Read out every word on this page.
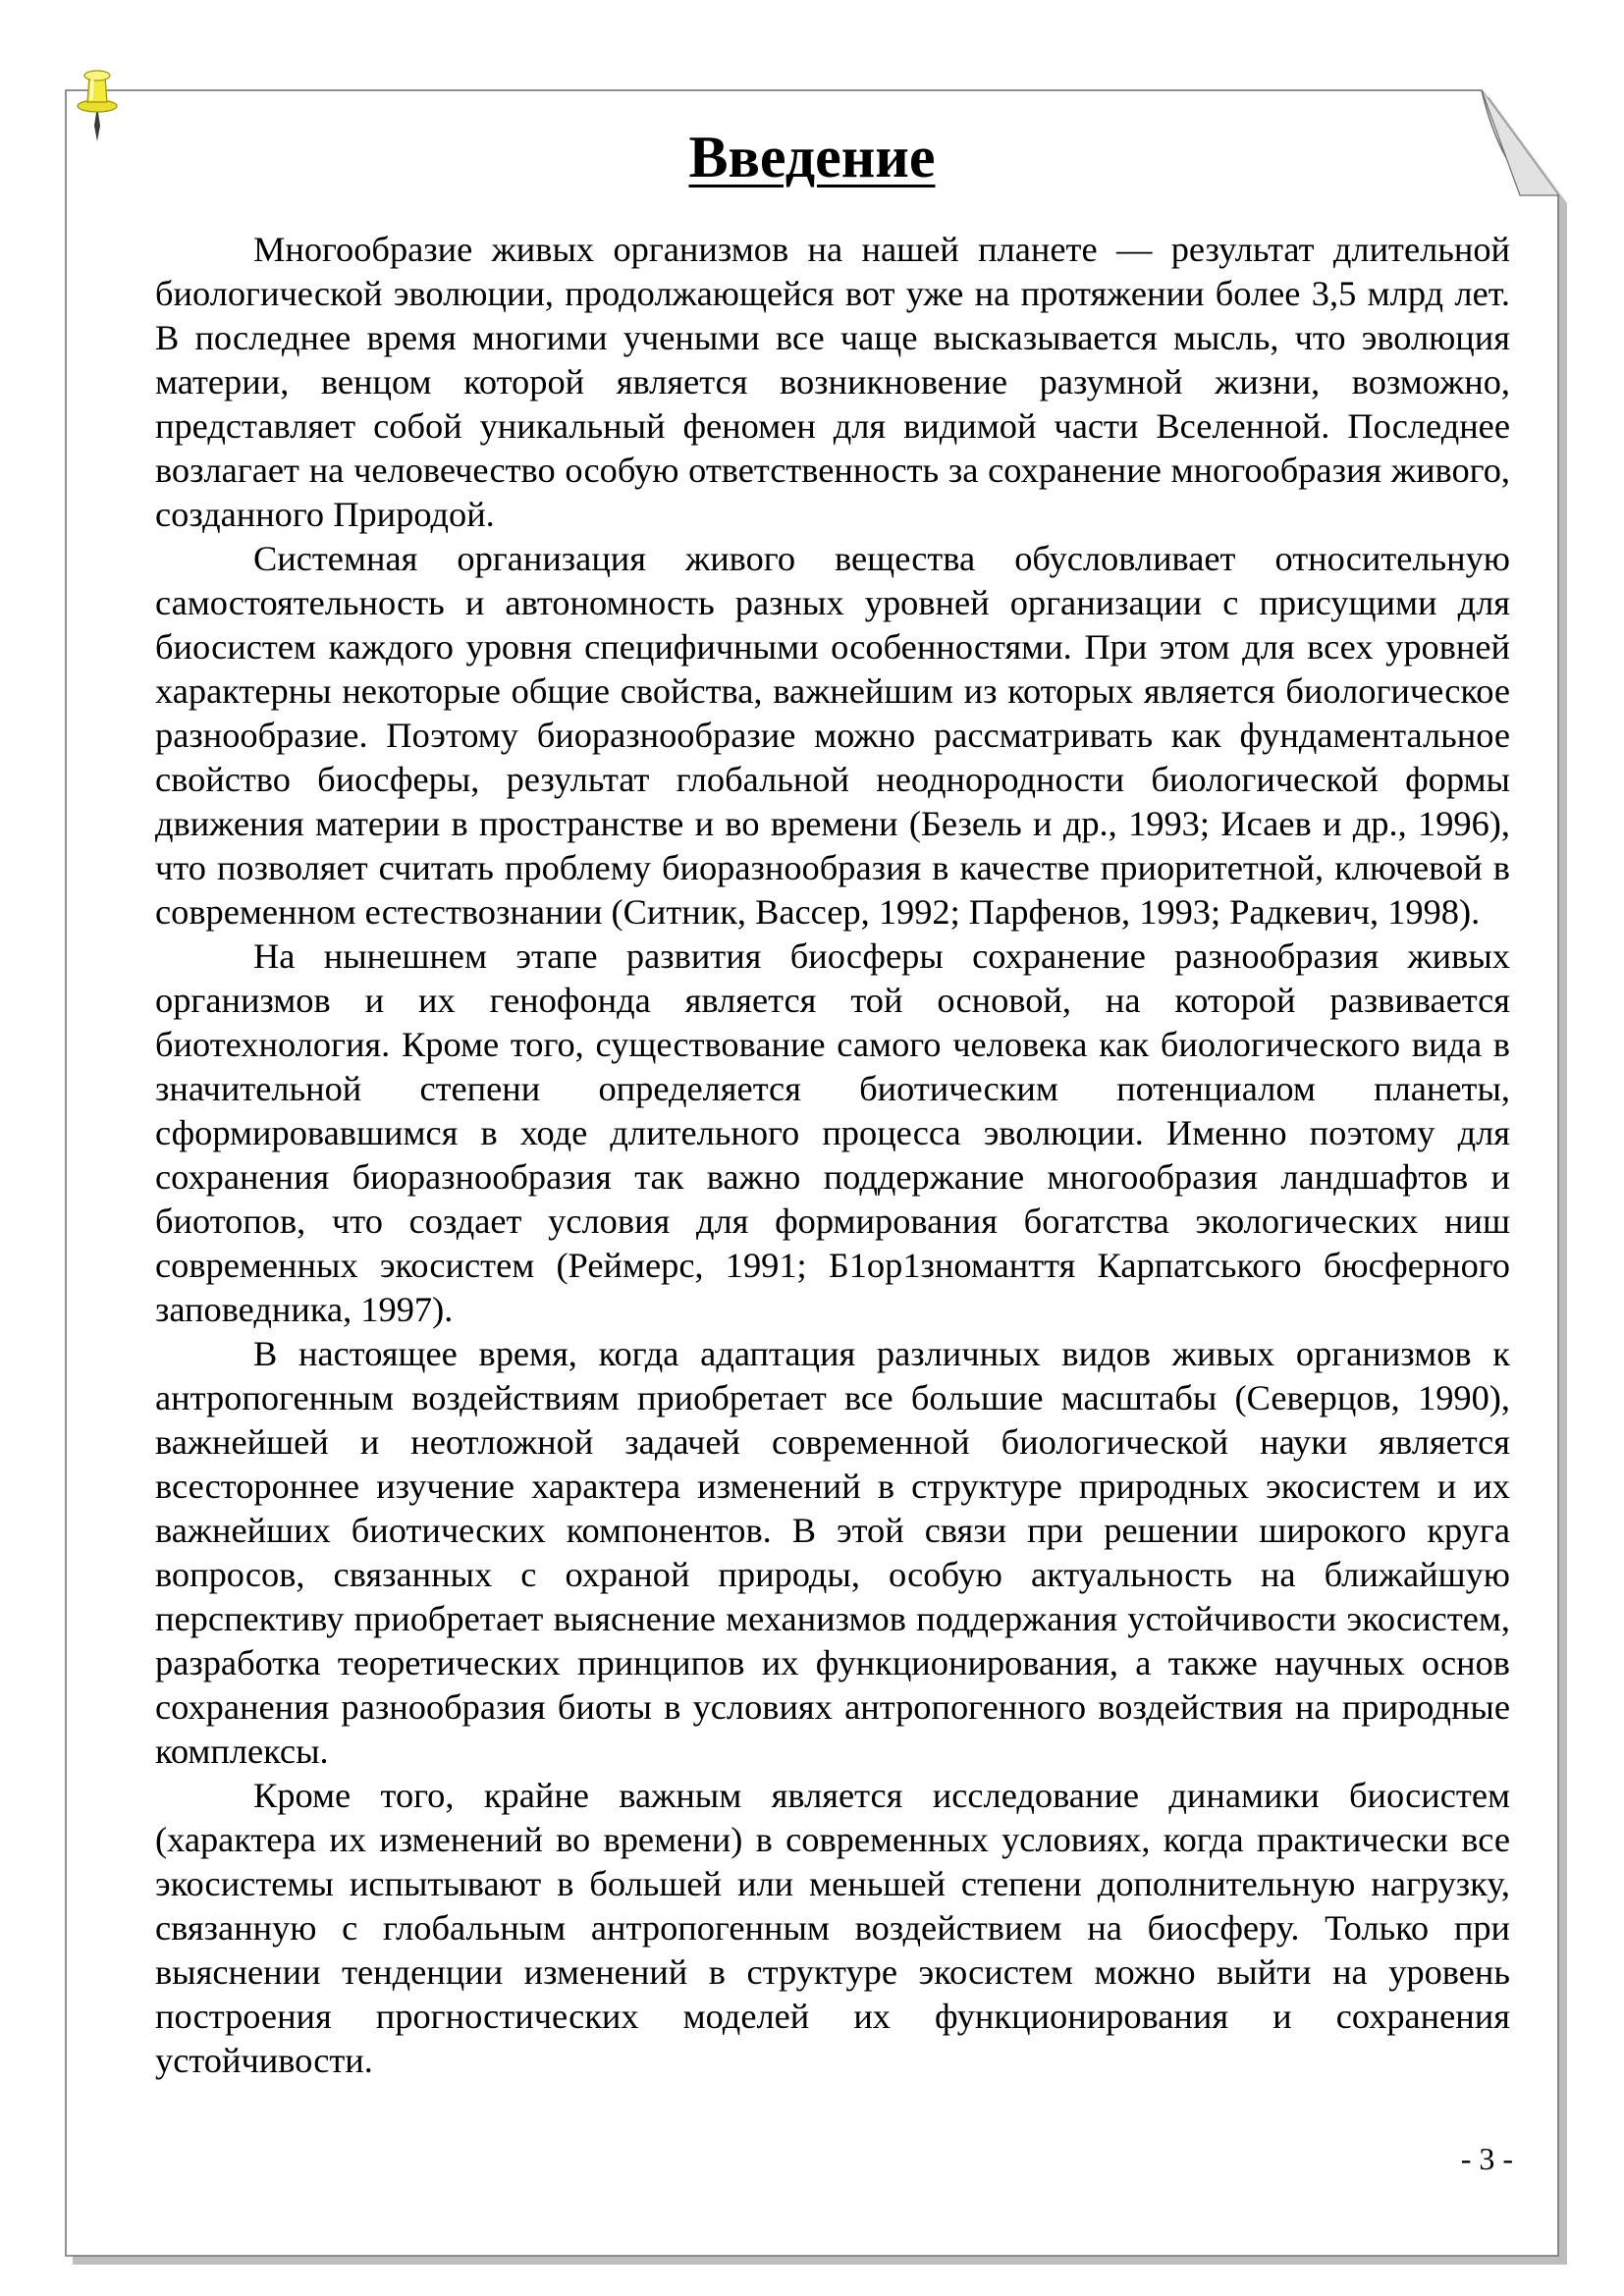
Введение

Многообразие живых организмов на нашей планете — результат длительной биологической эволюции, продолжающейся вот уже на протяжении более 3,5 млрд лет. В последнее время многими учеными все чаще высказывается мысль, что эволюция материи, венцом которой является возникновение разумной жизни, возможно, представляет собой уникальный феномен для видимой части Вселенной. Последнее возлагает на человечество особую ответственность за сохранение многообразия живого, созданного Природой.

Системная организация живого вещества обусловливает относительную самостоятельность и автономность разных уровней организации с присущими для биосистем каждого уровня специфичными особенностями. При этом для всех уровней характерны некоторые общие свойства, важнейшим из которых является биологическое разнообразие. Поэтому биоразнообразие можно рассматривать как фундаментальное свойство биосферы, результат глобальной неоднородности биологической формы движения материи в пространстве и во времени (Безель и др., 1993; Исаев и др., 1996), что позволяет считать проблему биоразнообразия в качестве приоритетной, ключевой в современном естествознании (Ситник, Вассер, 1992; Парфенов, 1993; Радкевич, 1998).

На нынешнем этапе развития биосферы сохранение разнообразия живых организмов и их генофонда является той основой, на которой развивается биотехнология. Кроме того, существование самого человека как биологического вида в значительной степени определяется биотическим потенциалом планеты, сформировавшимся в ходе длительного процесса эволюции. Именно поэтому для сохранения биоразнообразия так важно поддержание многообразия ландшафтов и биотопов, что создает условия для формирования богатства экологических ниш современных экосистем (Реймерс, 1991; Б1ор1зноманття Карпатського бюсферного заповедника, 1997).

В настоящее время, когда адаптация различных видов живых организмов к антропогенным воздействиям приобретает все большие масштабы (Северцов, 1990), важнейшей и неотложной задачей современной биологической науки является всестороннее изучение характера изменений в структуре природных экосистем и их важнейших биотических компонентов. В этой связи при решении широкого круга вопросов, связанных с охраной природы, особую актуальность на ближайшую перспективу приобретает выяснение механизмов поддержания устойчивости экосистем, разработка теоретических принципов их функционирования, а также научных основ сохранения разнообразия биоты в условиях антропогенного воздействия на природные комплексы.

Кроме того, крайне важным является исследование динамики биосистем (характера их изменений во времени) в современных условиях, когда практически все экосистемы испытывают в большей или меньшей степени дополнительную нагрузку, связанную с глобальным антропогенным воздействием на биосферу. Только при выяснении тенденции изменений в структуре экосистем можно выйти на уровень построения прогностических моделей их функционирования и сохранения устойчивости.

- 3 -
